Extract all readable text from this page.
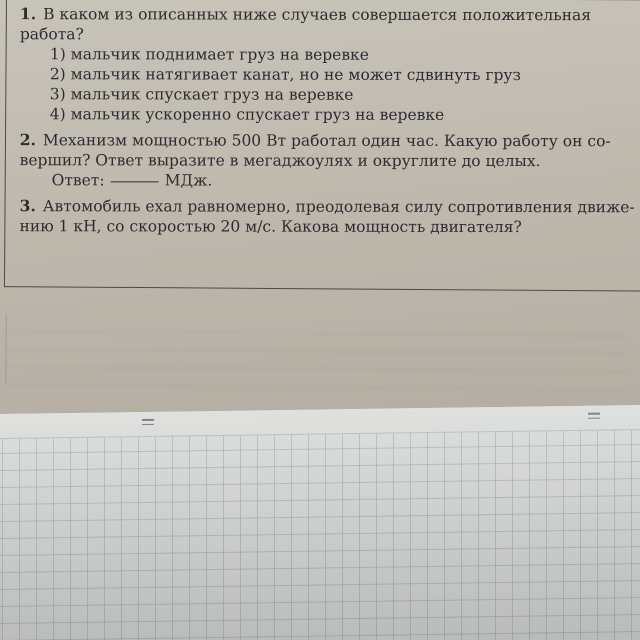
1. В каком из описанных ниже случаев совершается положительная
работа?
1) мальчик поднимает груз на веревке
2) мальчик натягивает канат, но не может сдвинуть груз
3) мальчик спускает груз на веревке
4) мальчик ускоренно спускает груз на веревке
2. Механизм мощностью 500 Вт работал один час. Какую работу он со-
вершил? Ответ выразите в мегаджоулях и округлите до целых.
Ответ:	МДж.
3. Автомобиль ехал равномерно, преодолевая силу сопротивления движе-
нию 1 кН, со скоростью 20 м/с. Какова мощность двигателя?
